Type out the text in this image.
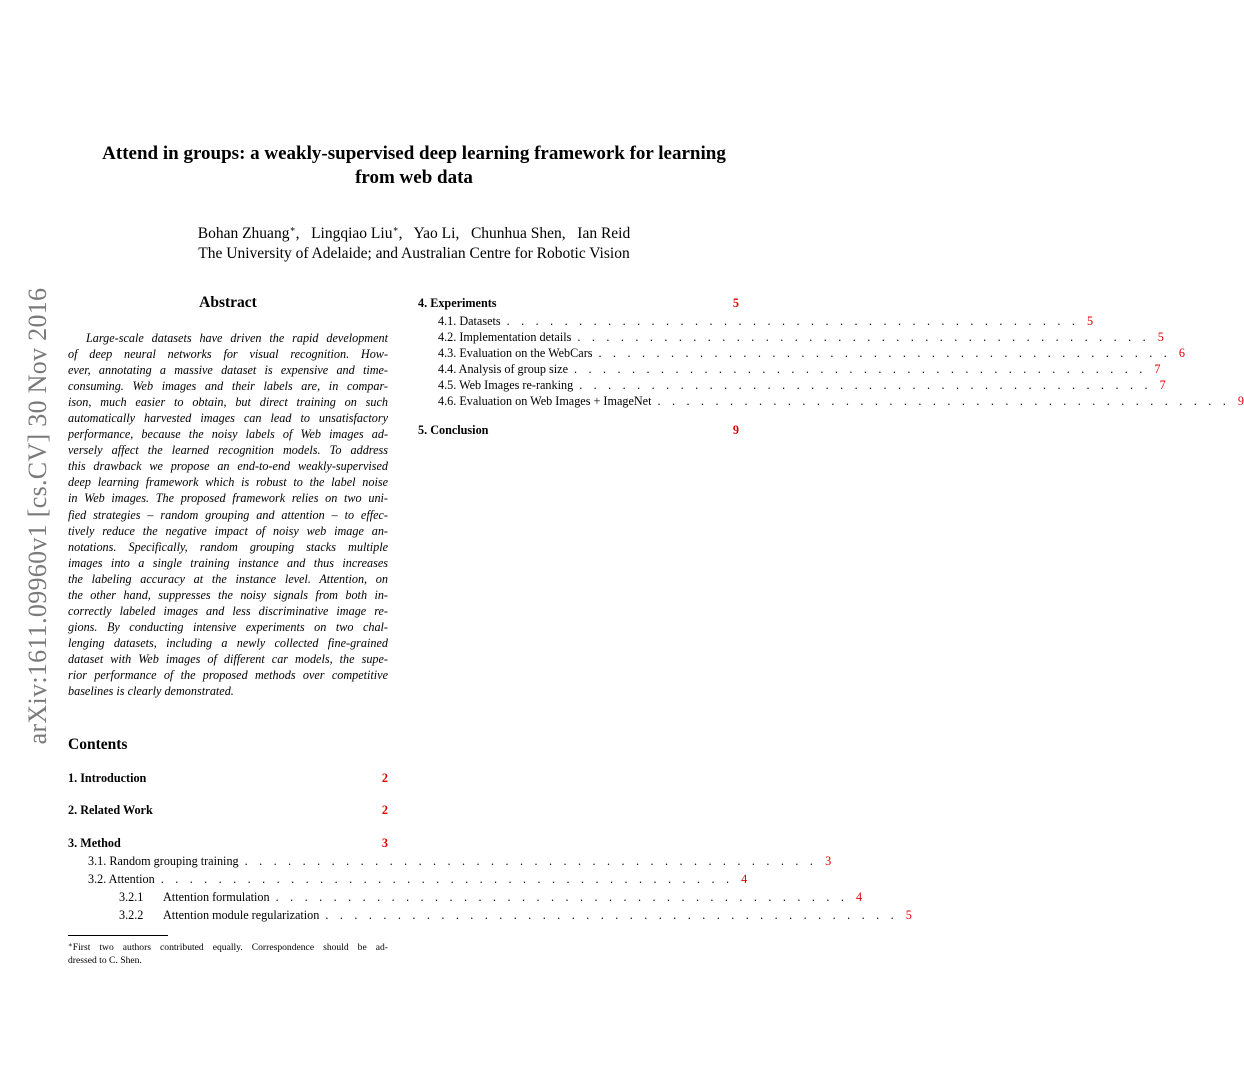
arXiv:1611.09960v1 [cs.CV] 30 Nov 2016
Attend in groups: a weakly-supervised deep learning framework for learning
from web data
Bohan Zhuang∗,   Lingqiao Liu∗,   Yao Li,   Chunhua Shen,   Ian Reid
The University of Adelaide; and Australian Centre for Robotic Vision
Abstract
Large-scale datasets have driven the rapid development
of deep neural networks for visual recognition. How-
ever, annotating a massive dataset is expensive and time-
consuming. Web images and their labels are, in compar-
ison, much easier to obtain, but direct training on such
automatically harvested images can lead to unsatisfactory
performance, because the noisy labels of Web images ad-
versely affect the learned recognition models. To address
this drawback we propose an end-to-end weakly-supervised
deep learning framework which is robust to the label noise
in Web images. The proposed framework relies on two uni-
fied strategies – random grouping and attention – to effec-
tively reduce the negative impact of noisy web image an-
notations. Specifically, random grouping stacks multiple
images into a single training instance and thus increases
the labeling accuracy at the instance level. Attention, on
the other hand, suppresses the noisy signals from both in-
correctly labeled images and less discriminative image re-
gions. By conducting intensive experiments on two chal-
lenging datasets, including a newly collected fine-grained
dataset with Web images of different car models, the supe-
rior performance of the proposed methods over competitive
baselines is clearly demonstrated.
Contents
1. Introduction	2
2. Related Work	2
3. Method	3
3.1. Random grouping training . . . . . . . . . . . . . . . . . . . . . . . . . . . . . . . . . . . . . . . . 3
3.2. Attention . . . . . . . . . . . . . . . . . . . . . . . . . . . . . . . . . . . . . . . . 4
3.2.1 Attention formulation . . . . . . . . . . . . . . . . . . . . . . . . . . . . . . . . . . . . . . . . 4
3.2.2 Attention module regularization . . . . . . . . . . . . . . . . . . . . . . . . . . . . . . . . . . . . . . . . 5
4. Experiments	5
4.1. Datasets . . . . . . . . . . . . . . . . . . . . . . . . . . . . . . . . . . . . . . . . 5
4.2. Implementation details . . . . . . . . . . . . . . . . . . . . . . . . . . . . . . . . . . . . . . . . 5
4.3. Evaluation on the WebCars . . . . . . . . . . . . . . . . . . . . . . . . . . . . . . . . . . . . . . . . 6
4.4. Analysis of group size . . . . . . . . . . . . . . . . . . . . . . . . . . . . . . . . . . . . . . . . 7
4.5. Web Images re-ranking . . . . . . . . . . . . . . . . . . . . . . . . . . . . . . . . . . . . . . . . 7
4.6. Evaluation on Web Images + ImageNet . . . . . . . . . . . . . . . . . . . . . . . . . . . . . . . . . . . . . . . . 9
5. Conclusion	9
∗First two authors contributed equally. Correspondence should be ad-
dressed to C. Shen.
